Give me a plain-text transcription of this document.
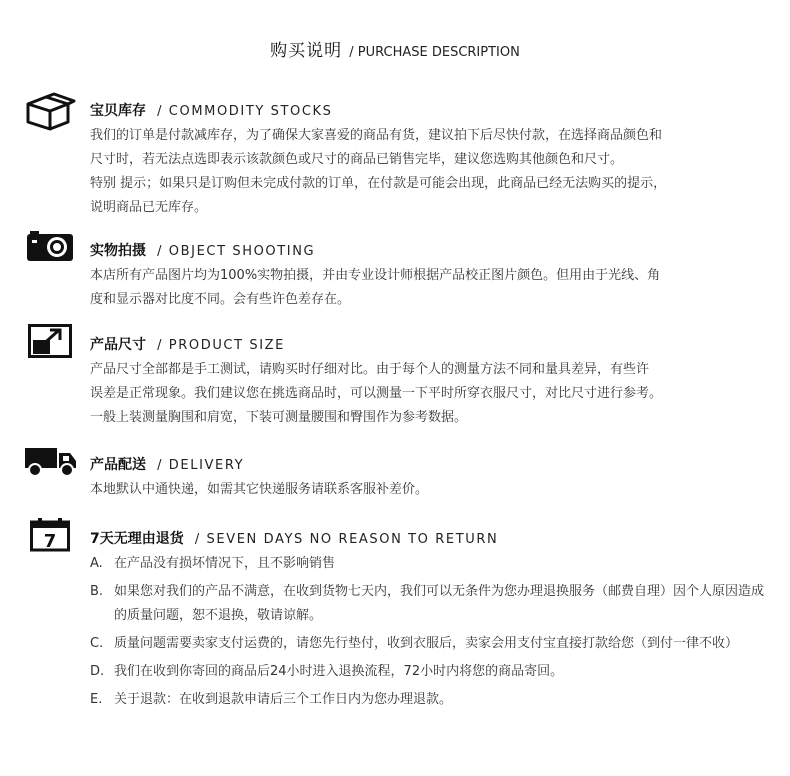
购买说明 / PURCHASE DESCRIPTION
宝贝库存 / COMMODITY STOCKS

我们的订单是付款减库存，为了确保大家喜爱的商品有货，建议拍下后尽快付款，在选择商品颜色和

尺寸时，若无法点选即表示该款颜色或尺寸的商品已销售完毕，建议您选购其他颜色和尺寸。

特别 提示；如果只是订购但未完成付款的订单，在付款是可能会出现，此商品已经无法购买的提示，

说明商品已无库存。

实物拍摄 / OBJECT SHOOTING

本店所有产品图片均为100%实物拍摄，并由专业设计师根据产品校正图片颜色。但用由于光线、角

度和显示器对比度不同。会有些许色差存在。

产品尺寸 / PRODUCT SIZE

产品尺寸全部都是手工测试，请购买时仔细对比。由于每个人的测量方法不同和量具差异，有些许

误差是正常现象。我们建议您在挑选商品时，可以测量一下平时所穿衣服尺寸，对比尺寸进行参考。

一般上装测量胸围和肩宽，下装可测量腰围和臀围作为参考数据。

产品配送 / DELIVERY

本地默认中通快递，如需其它快递服务请联系客服补差价。

7 7天无理由退货 / SEVEN DAYS NO REASON TO RETURN
A. 在产品没有损坏情况下，且不影响销售
B. 如果您对我们的产品不满意，在收到货物七天内，我们可以无条件为您办理退换服务（邮费自理）因个人原因造成的质量问题，恕不退换，敬请谅解。
C. 质量问题需要卖家支付运费的，请您先行垫付，收到衣服后，卖家会用支付宝直接打款给您（到付一律不收）
D. 我们在收到你寄回的商品后24小时进入退换流程，72小时内将您的商品寄回。
E. 关于退款：在收到退款申请后三个工作日内为您办理退款。
